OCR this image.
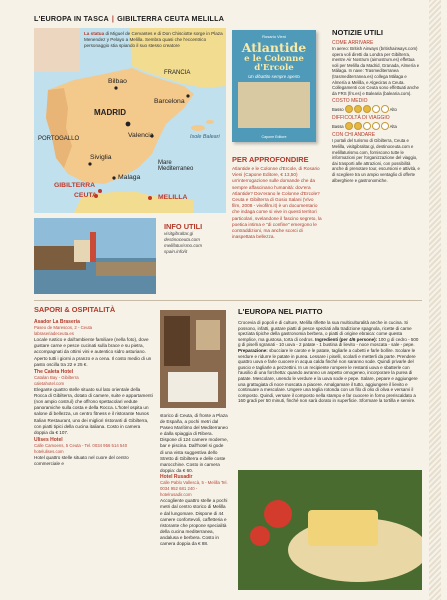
L'EUROPA IN TASCA | GIBILTERRA CEUTA MELILLA
La statua di Miguel de Cervantes e di Don Chisciotte sorge in Plaza Menendez y Pelayo a Melilla. Sembra quasi che l'eccentrico personaggio stia spiando il suo stesso creatore
FRANCIA
Bilbao
Barcelona
MADRID
Valencia
PORTOGALLO	Isole Baleari
Siviglia
Malaga
Mare Mediterraneo
GIBILTERRA
CEUTA	MELILLA
Rosario Vieni
Atlantide
e le Colonne d'Ercole
Un dibattito sempre aperto
Capone Editore
PER APPROFONDIRE
Atlantide e le Colonne d'Ercole, di Rosario Vieni (Capone Editore, € 13,50) un'interrogazione sulle domande che da sempre affascinano l'umanità: dov'era Atlantide? Dov'erano le Colonne d'Ercole? Ceuta e Gibilterra di Gosio Salani (Vivo film, 2008 - vivofilm.it) è un documentario che indaga come si vive in questi territori particolari, svelandone il fascino segreto, la poetica intima e "di confine" emergono le contraddizioni, ma anche scorci di inaspettata bellezza.
NOTIZIE UTILI
COME ARRIVARE
In aereo: British Airways (britishairways.com) opera voli diretti da Londra per Gibilterra, mentre Air Nostrum (airnostrum.es) effettua voli per Melilla da Madrid, Granada, Almería e Málaga. In nave: Trasmediterranea (trasmediterranea.es) collega Málaga e Almería a Melilla, e Algeciras a Ceuta. Collegamenti con Ceuta sono effettuati anche da FRS (frs.es) e Balearia (balearia.com).
COSTO MEDIO
Basso	Alto
DIFFICOLTÀ DI VIAGGIO
Bassa	Alta
CON CHI ANDARE
I portali del turismo di Gibilterra, Ceuta e Melilla, visitgibraltar.gi, destinoceuta.com e melillaturismo.com, forniscono tutte le informazioni per l'organizzazione del viaggio, dai trasporti alle attrazioni, con possibilità anche di prenotare tour, escursioni e attività, e di scegliere tra un ampio ventaglio di offerte alberghiere e gastronomiche.
INFO UTILI
visitgibraltar.gi
destinoceuta.com
melillaturismo.com
spain.info/it
SAPORI & OSPITALITÀ
Asador La Brasería
Paseo de Marescos, 2 - Ceuta
labraseriadeceuta.es
Locale rustico e dall'ambiente familiare (nella foto), dove gustare carne e pesce cucinati sulla brace e su pietra, accompagnati da ottimi vini e autentico sidro asturiano. Aperto tutti i giorni a pranzo e a cena. Il costo medio di un pasto oscilla tra 22 e 25 €.
The Caleta Hotel
Catalan Bay - Gibilterra
caletahotel.com
Elegante quattro stelle situato sul lato orientale della Rocca di Gibilterra, dotato di camere, suite e appartamenti (non ampio costruì) che offrono spettacolari vedute panoramiche sulla costa e della Rocca. L'hotel ospita un salone di bellezza, un centro fitness e il ristorante Nunos Italian Restaurant, uno dei migliori ristoranti di Gibilterra, con piatti tipici della cucina italiana. Costo in camera doppia da € 107.
Ulises Hotel
Calle Camoens, 5 Ceuta - Tel. 0034 956 514 540
hotelulises.com
Hotel quattro stelle situato nel cuore del centro commerciale e
storico di Ceuta, di fronte a Plaza de España, a pochi metri dal Paseo Marítimo del Mediterraneo e dalla spiaggia di Ribera. Dispone di 124 camere moderne, bar e piscina. Dall'hotel si gode di una vista suggestiva dello Stretto di Gibilterra e delle coste marocchine. Costo in camera doppia: da € 60.
Hotel Rusadir
Calle Pablo Vallescà, 5 - Melilla Tel. 0034 952 681 240 - hotelrusadir.com
Accogliente quattro stelle a pochi metri dal centro storico di Melilla e dal lungomare. Dispone di 44 camere confortevoli, caffetteria e ristorante che propone specialità della cucina mediterranea, andalusa e berbera. Costo in camera doppia da € 88.
L'EUROPA NEL PIATTO
Crocevia di popoli e di culture, Melilla riflette la sua multiculturalità anche in cucina. Si possono, infatti, gustare piatti di pesce speziati alla tradizione spagnola, ricette di carne speziata tipiche della gastronomia berbera, o piatti di origine ebraica: come questa semplice, ma gustosa, torta di cedros. Ingredienti (per 4/6 persone): 100 g di cedro - 500 g di piselli sgranati - 10 uova - 2 patate - 1 bustina di lievito - noce moscata - sale - pepe. Preparazione: sbucciare le carote e le patate, tagliarle a cubetti e farle bollire. Scolare le verdure e ridurre le patate in purea. Lessare i piselli, scolarli e metterli da parte. Prendere quattro uova e farle cuocere in acqua calda finché non saranno sode. Quindi privarle del guscio e tagliarle a pezzettini. In un recipiente rompere le restanti uova e sbatterle con l'ausilio di una forchetta: quando avranno un aspetto omogeneo, incorporare la purea di patate. Mescolare, unendo le verdure e la uova sode e pepe. Salare, pepare e aggiungere una grattugiata di noce moscata a piacere. Amalgamare il tutto, aggiungere il lievito e continuare a mescolare. Ungere una teglia rotonda con un filo di olio di oliva e versarvi il composto. Quindi, versare il composto nella stampo e far cuocere in forno preriscaldato a 160 gradi per 50 minuti, finché non sarà dorato in superficie. Sformare la tortilla e servire.
